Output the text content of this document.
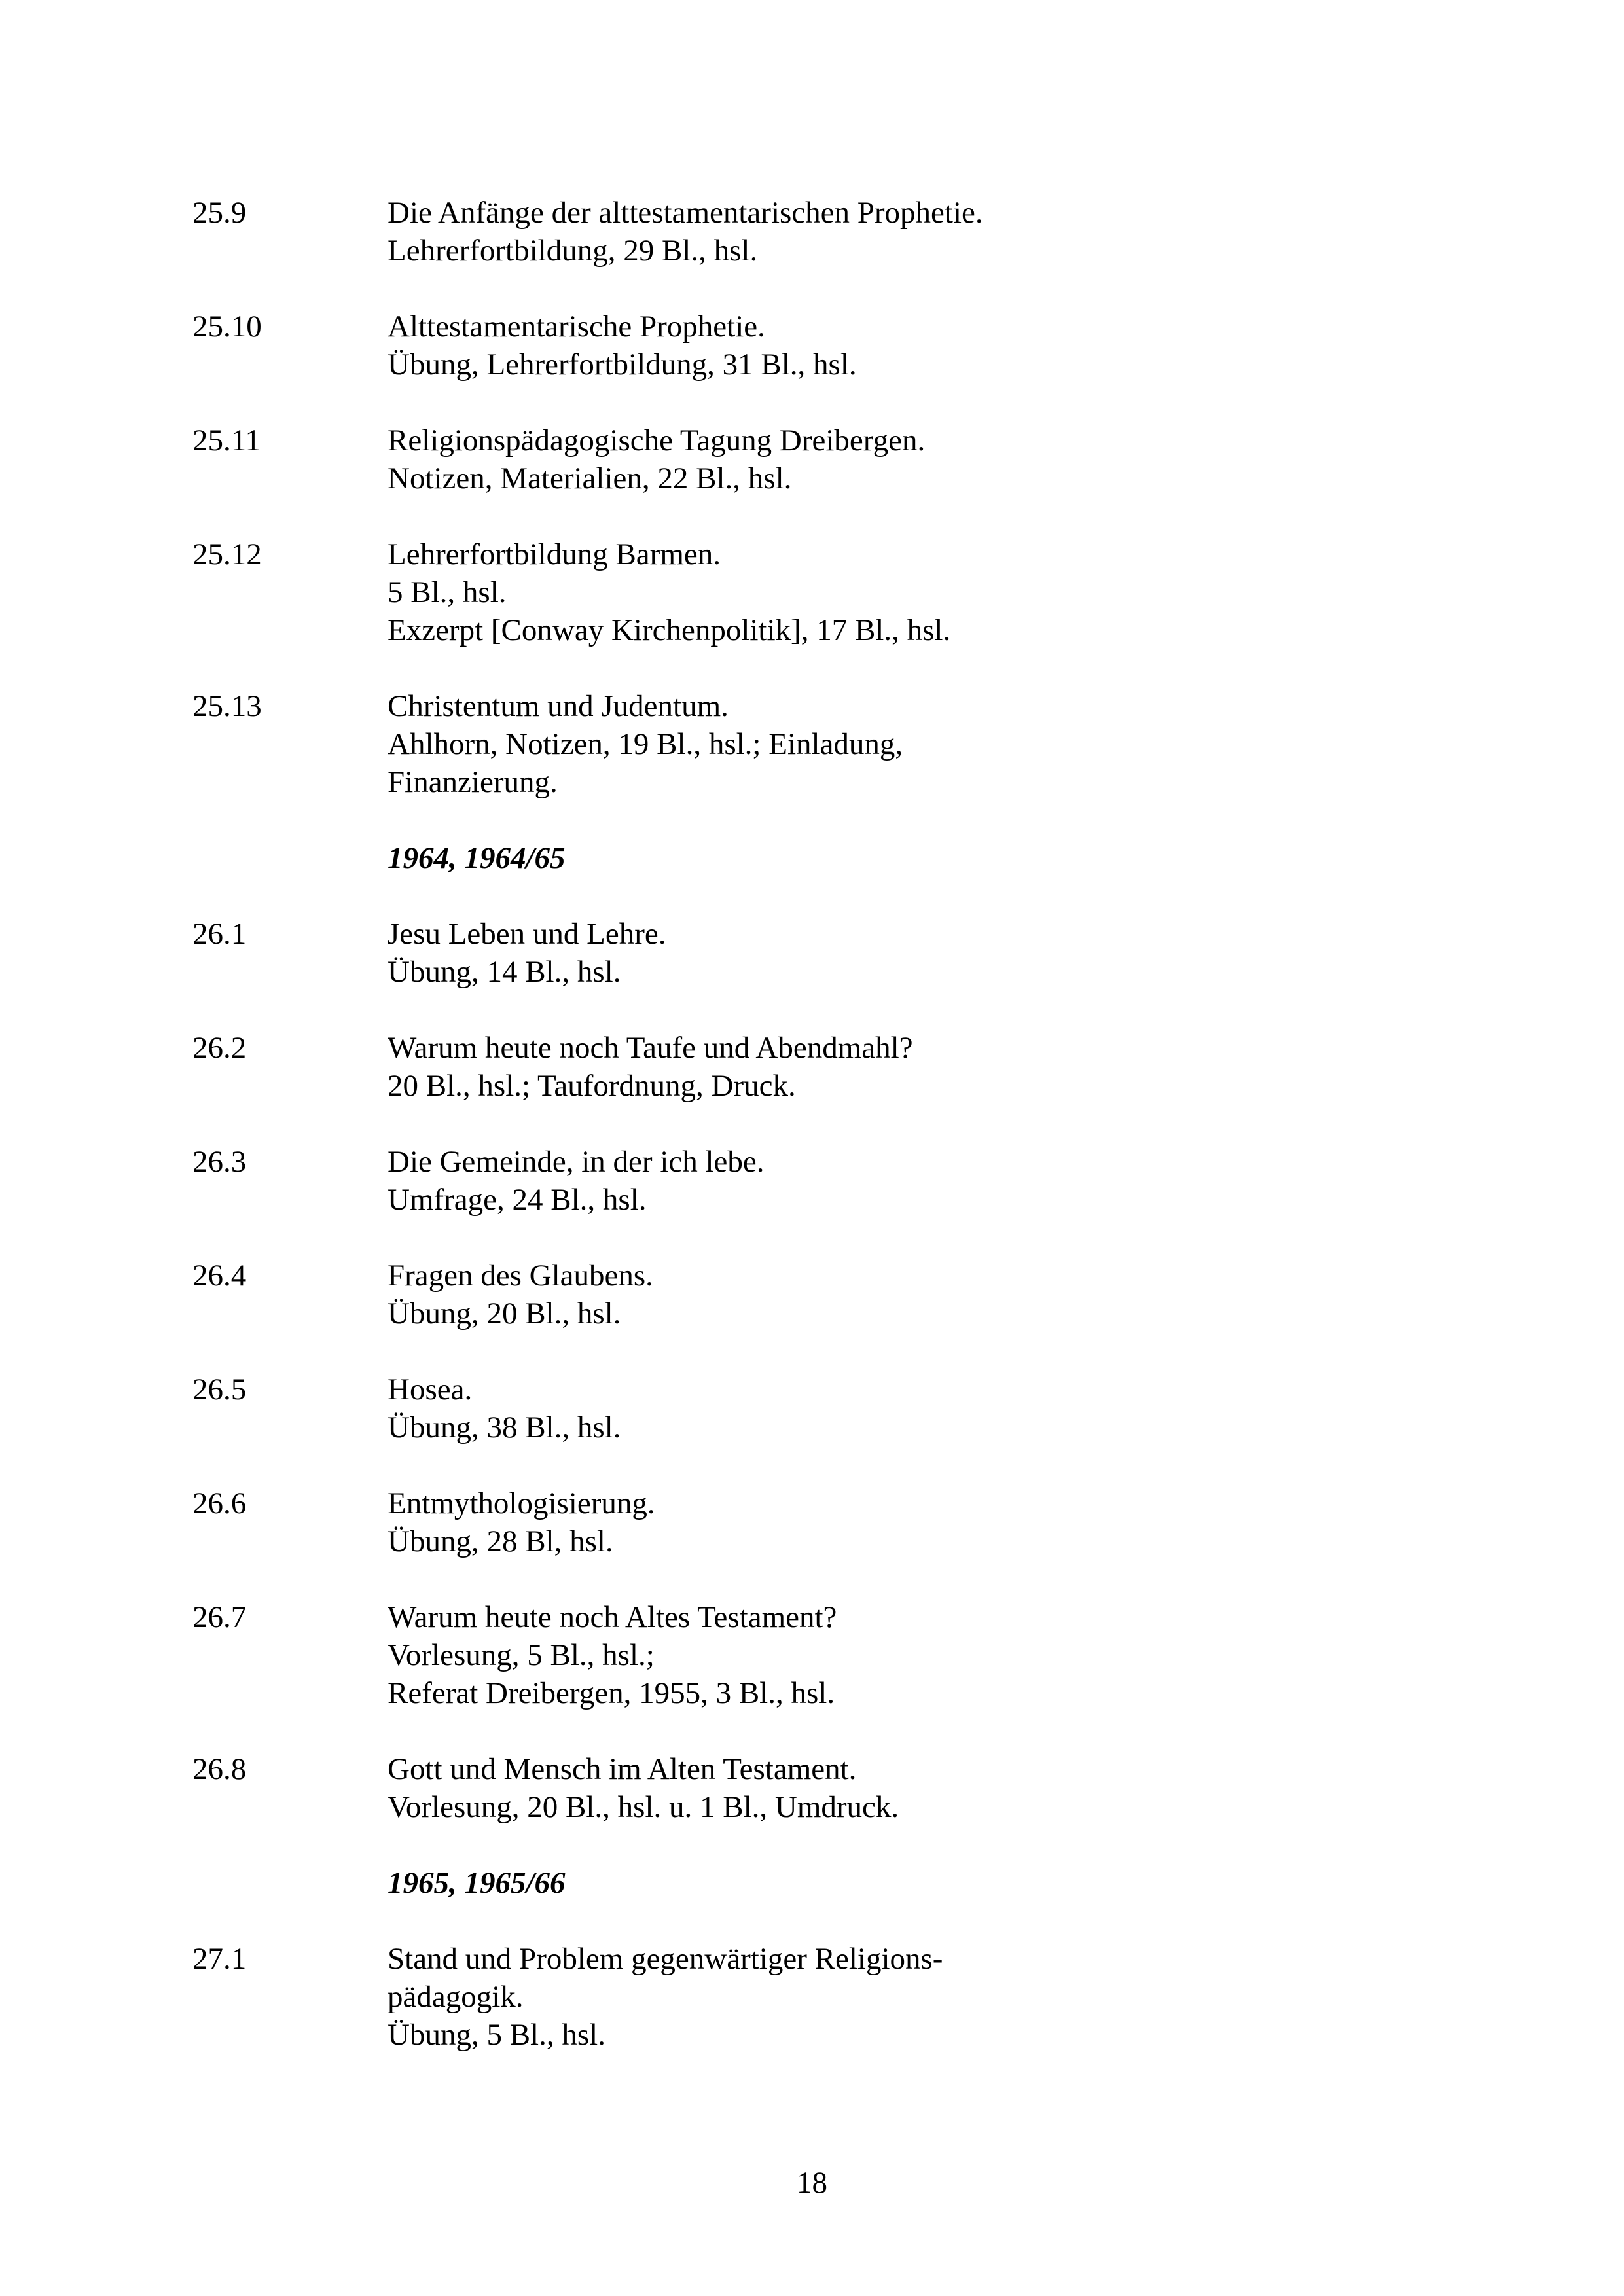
25.9	Die Anfänge der alttestamentarischen Prophetie.
Lehrerfortbildung, 29 Bl., hsl.
25.10	Alttestamentarische Prophetie.
Übung, Lehrerfortbildung, 31 Bl., hsl.
25.11	Religionspädagogische Tagung Dreibergen.
Notizen, Materialien, 22 Bl., hsl.
25.12	Lehrerfortbildung Barmen.
5 Bl., hsl.
Exzerpt [Conway Kirchenpolitik], 17 Bl., hsl.
25.13	Christentum und Judentum.
Ahlhorn, Notizen, 19 Bl., hsl.; Einladung,
Finanzierung.
1964, 1964/65
26.1	Jesu Leben und Lehre.
Übung, 14 Bl., hsl.
26.2	Warum heute noch Taufe und Abendmahl?
20 Bl., hsl.; Taufordnung, Druck.
26.3	Die Gemeinde, in der ich lebe.
Umfrage, 24 Bl., hsl.
26.4	Fragen des Glaubens.
Übung, 20 Bl., hsl.
26.5	Hosea.
Übung, 38 Bl., hsl.
26.6	Entmythologisierung.
Übung, 28 Bl, hsl.
26.7	Warum heute noch Altes Testament?
Vorlesung, 5 Bl., hsl.;
Referat Dreibergen, 1955, 3 Bl., hsl.
26.8	Gott und Mensch im Alten Testament.
Vorlesung, 20 Bl., hsl. u. 1 Bl., Umdruck.
1965, 1965/66
27.1	Stand und Problem gegenwärtiger Religions-
pädagogik.
Übung, 5 Bl., hsl.
18
